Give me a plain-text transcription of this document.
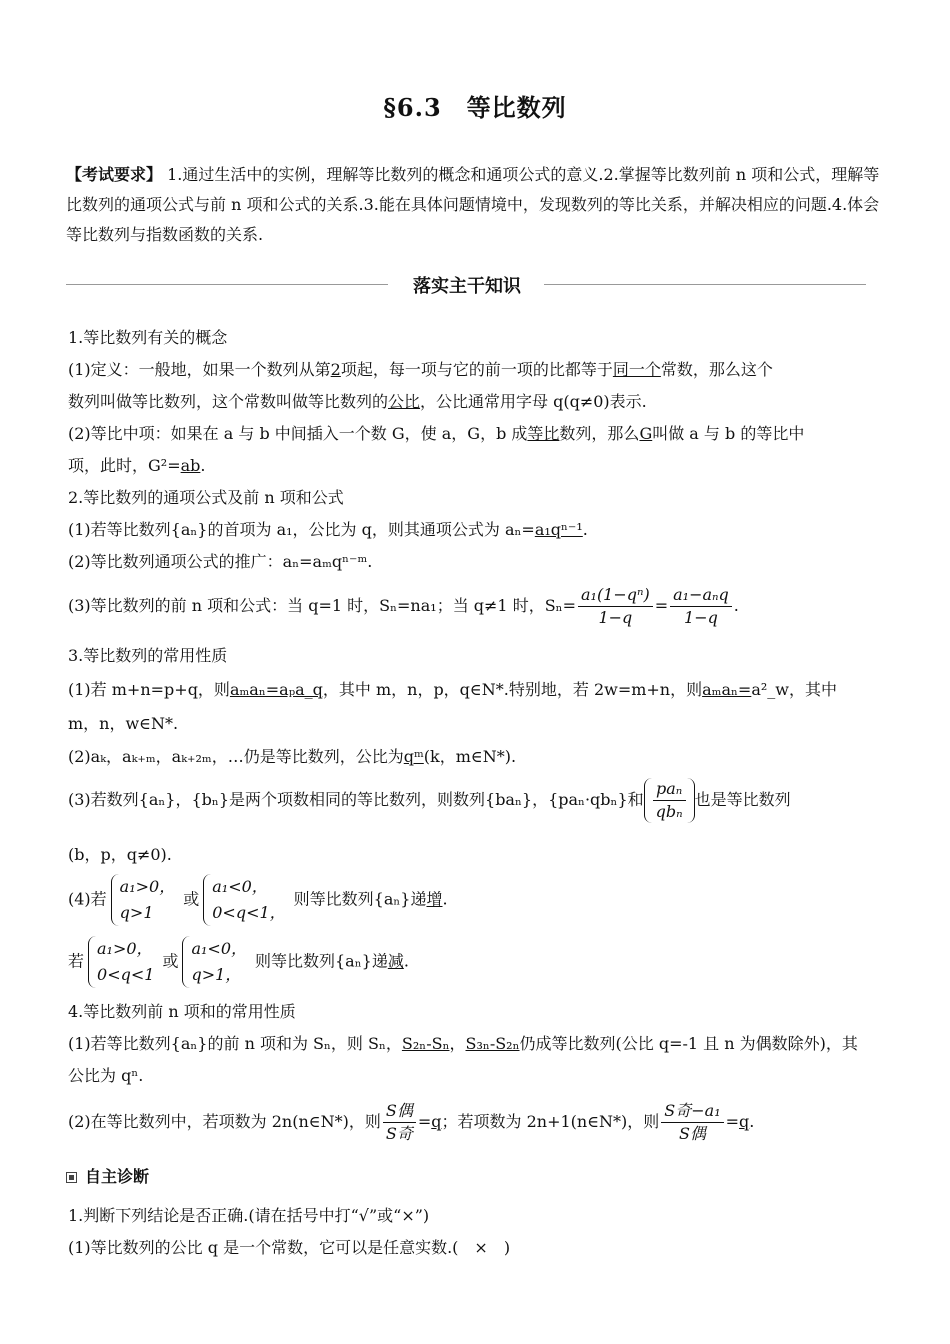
§6.3　等比数列
【考试要求】 1.通过生活中的实例，理解等比数列的概念和通项公式的意义.2.掌握等比数列前 n 项和公式，理解等比数列的通项公式与前 n 项和公式的关系.3.能在具体问题情境中，发现数列的等比关系，并解决相应的问题.4.体会等比数列与指数函数的关系.
落实主干知识
1.等比数列有关的概念
(1)定义：一般地，如果一个数列从第2项起，每一项与它的前一项的比都等于同一个常数，那么这个
数列叫做等比数列，这个常数叫做等比数列的公比，公比通常用字母 q(q≠0)表示.
(2)等比中项：如果在 a 与 b 中间插入一个数 G，使 a，G，b 成等比数列，那么G叫做 a 与 b 的等比中
项，此时，G²=ab.
2.等比数列的通项公式及前 n 项和公式
(1)若等比数列{aₙ}的首项为 a₁，公比为 q，则其通项公式为 aₙ=a₁qⁿ⁻¹.
(2)等比数列通项公式的推广：aₙ=aₘqⁿ⁻ᵐ.
(3)等比数列的前 n 项和公式：当 q=1 时，Sₙ=na₁；当 q≠1 时，$S_n= \frac{\text{a₁(1−qⁿ)}}{1-q} = \frac{\text{a₁−aₙq}}{1-q}$ .
3.等比数列的常用性质
(1)若 m+n=p+q，则aₘaₙ=aₚa_q，其中 m，n，p，q∈N*.特别地，若 2w=m+n，则aₘaₙ=a²_w，其中
m，n，w∈N*.
(2)aₖ，aₖ₊ₘ，aₖ₊₂ₘ，…仍是等比数列，公比为qᵐ(k，m∈N*).
(3)若数列{aₙ}，{bₙ}是两个项数相同的等比数列，则数列{baₙ}，{paₙ·qbₙ}和 $\frac{\text{paₙ}}{\text{qbₙ}}$ 也是等比数列
(b，p，q≠0).
(4)若
a₁>0，
q>1
或
a₁<0，
0<q<1，
则等比数列{aₙ}递增.
若
a₁>0，
0<q<1
或
a₁<0，
q>1，
则等比数列{aₙ}递减.
4.等比数列前 n 项和的常用性质
(1)若等比数列{aₙ}的前 n 项和为 Sₙ，则 Sₙ，S₂ₙ-Sₙ，S₃ₙ-S₂ₙ仍成等比数列(公比 q=-1 且 n 为偶数除外)，其
公比为 qⁿ.
(2)在等比数列中，若项数为 2n(n∈N*)，则 $\frac{\text{S偶}}{\text{S奇}} =q$；若项数为 2n+1(n∈N*)，则 $\frac{\text{S奇−a₁}}{\text{S偶}} =q$.
自主诊断
1.判断下列结论是否正确.(请在括号中打“√”或“×”)
(1)等比数列的公比 q 是一个常数，它可以是任意实数.(　×　)
